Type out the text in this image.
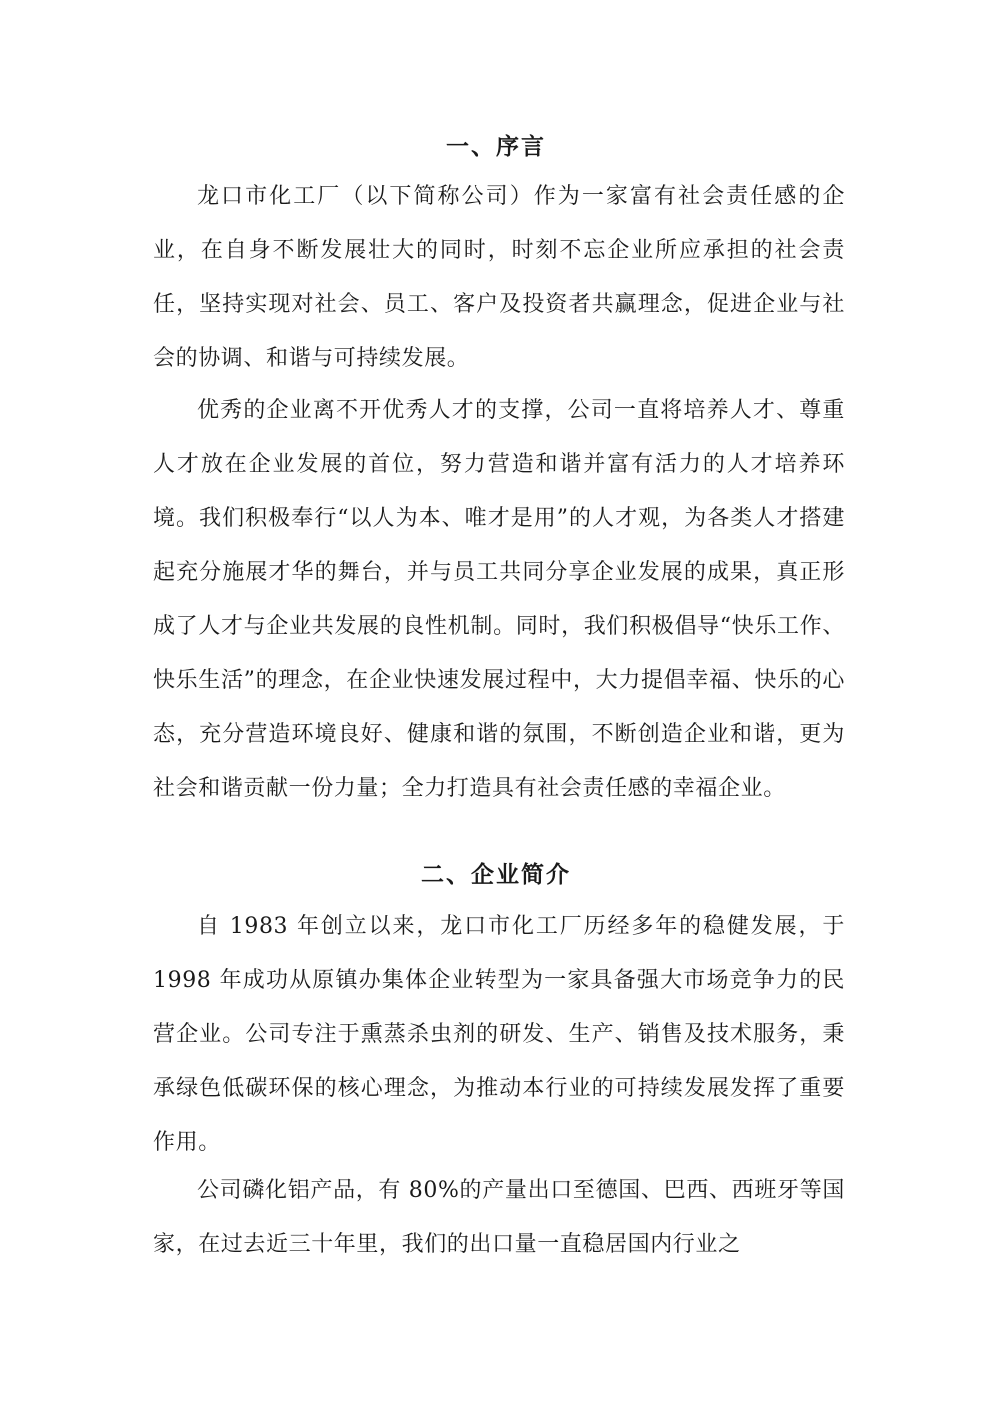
一、序言

龙口市化工厂（以下简称公司）作为一家富有社会责任感的企业，在自身不断发展壮大的同时，时刻不忘企业所应承担的社会责任，坚持实现对社会、员工、客户及投资者共赢理念，促进企业与社会的协调、和谐与可持续发展。

优秀的企业离不开优秀人才的支撑，公司一直将培养人才、尊重人才放在企业发展的首位，努力营造和谐并富有活力的人才培养环境。我们积极奉行“以人为本、唯才是用”的人才观，为各类人才搭建起充分施展才华的舞台，并与员工共同分享企业发展的成果，真正形成了人才与企业共发展的良性机制。同时，我们积极倡导“快乐工作、快乐生活”的理念，在企业快速发展过程中，大力提倡幸福、快乐的心态，充分营造环境良好、健康和谐的氛围，不断创造企业和谐，更为社会和谐贡献一份力量；全力打造具有社会责任感的幸福企业。

二、企业简介

自 1983 年创立以来，龙口市化工厂历经多年的稳健发展，于 1998 年成功从原镇办集体企业转型为一家具备强大市场竞争力的民营企业。公司专注于熏蒸杀虫剂的研发、生产、销售及技术服务，秉承绿色低碳环保的核心理念，为推动本行业的可持续发展发挥了重要作用。

公司磷化铝产品，有 80%的产量出口至德国、巴西、西班牙等国家，在过去近三十年里，我们的出口量一直稳居国内行业之
